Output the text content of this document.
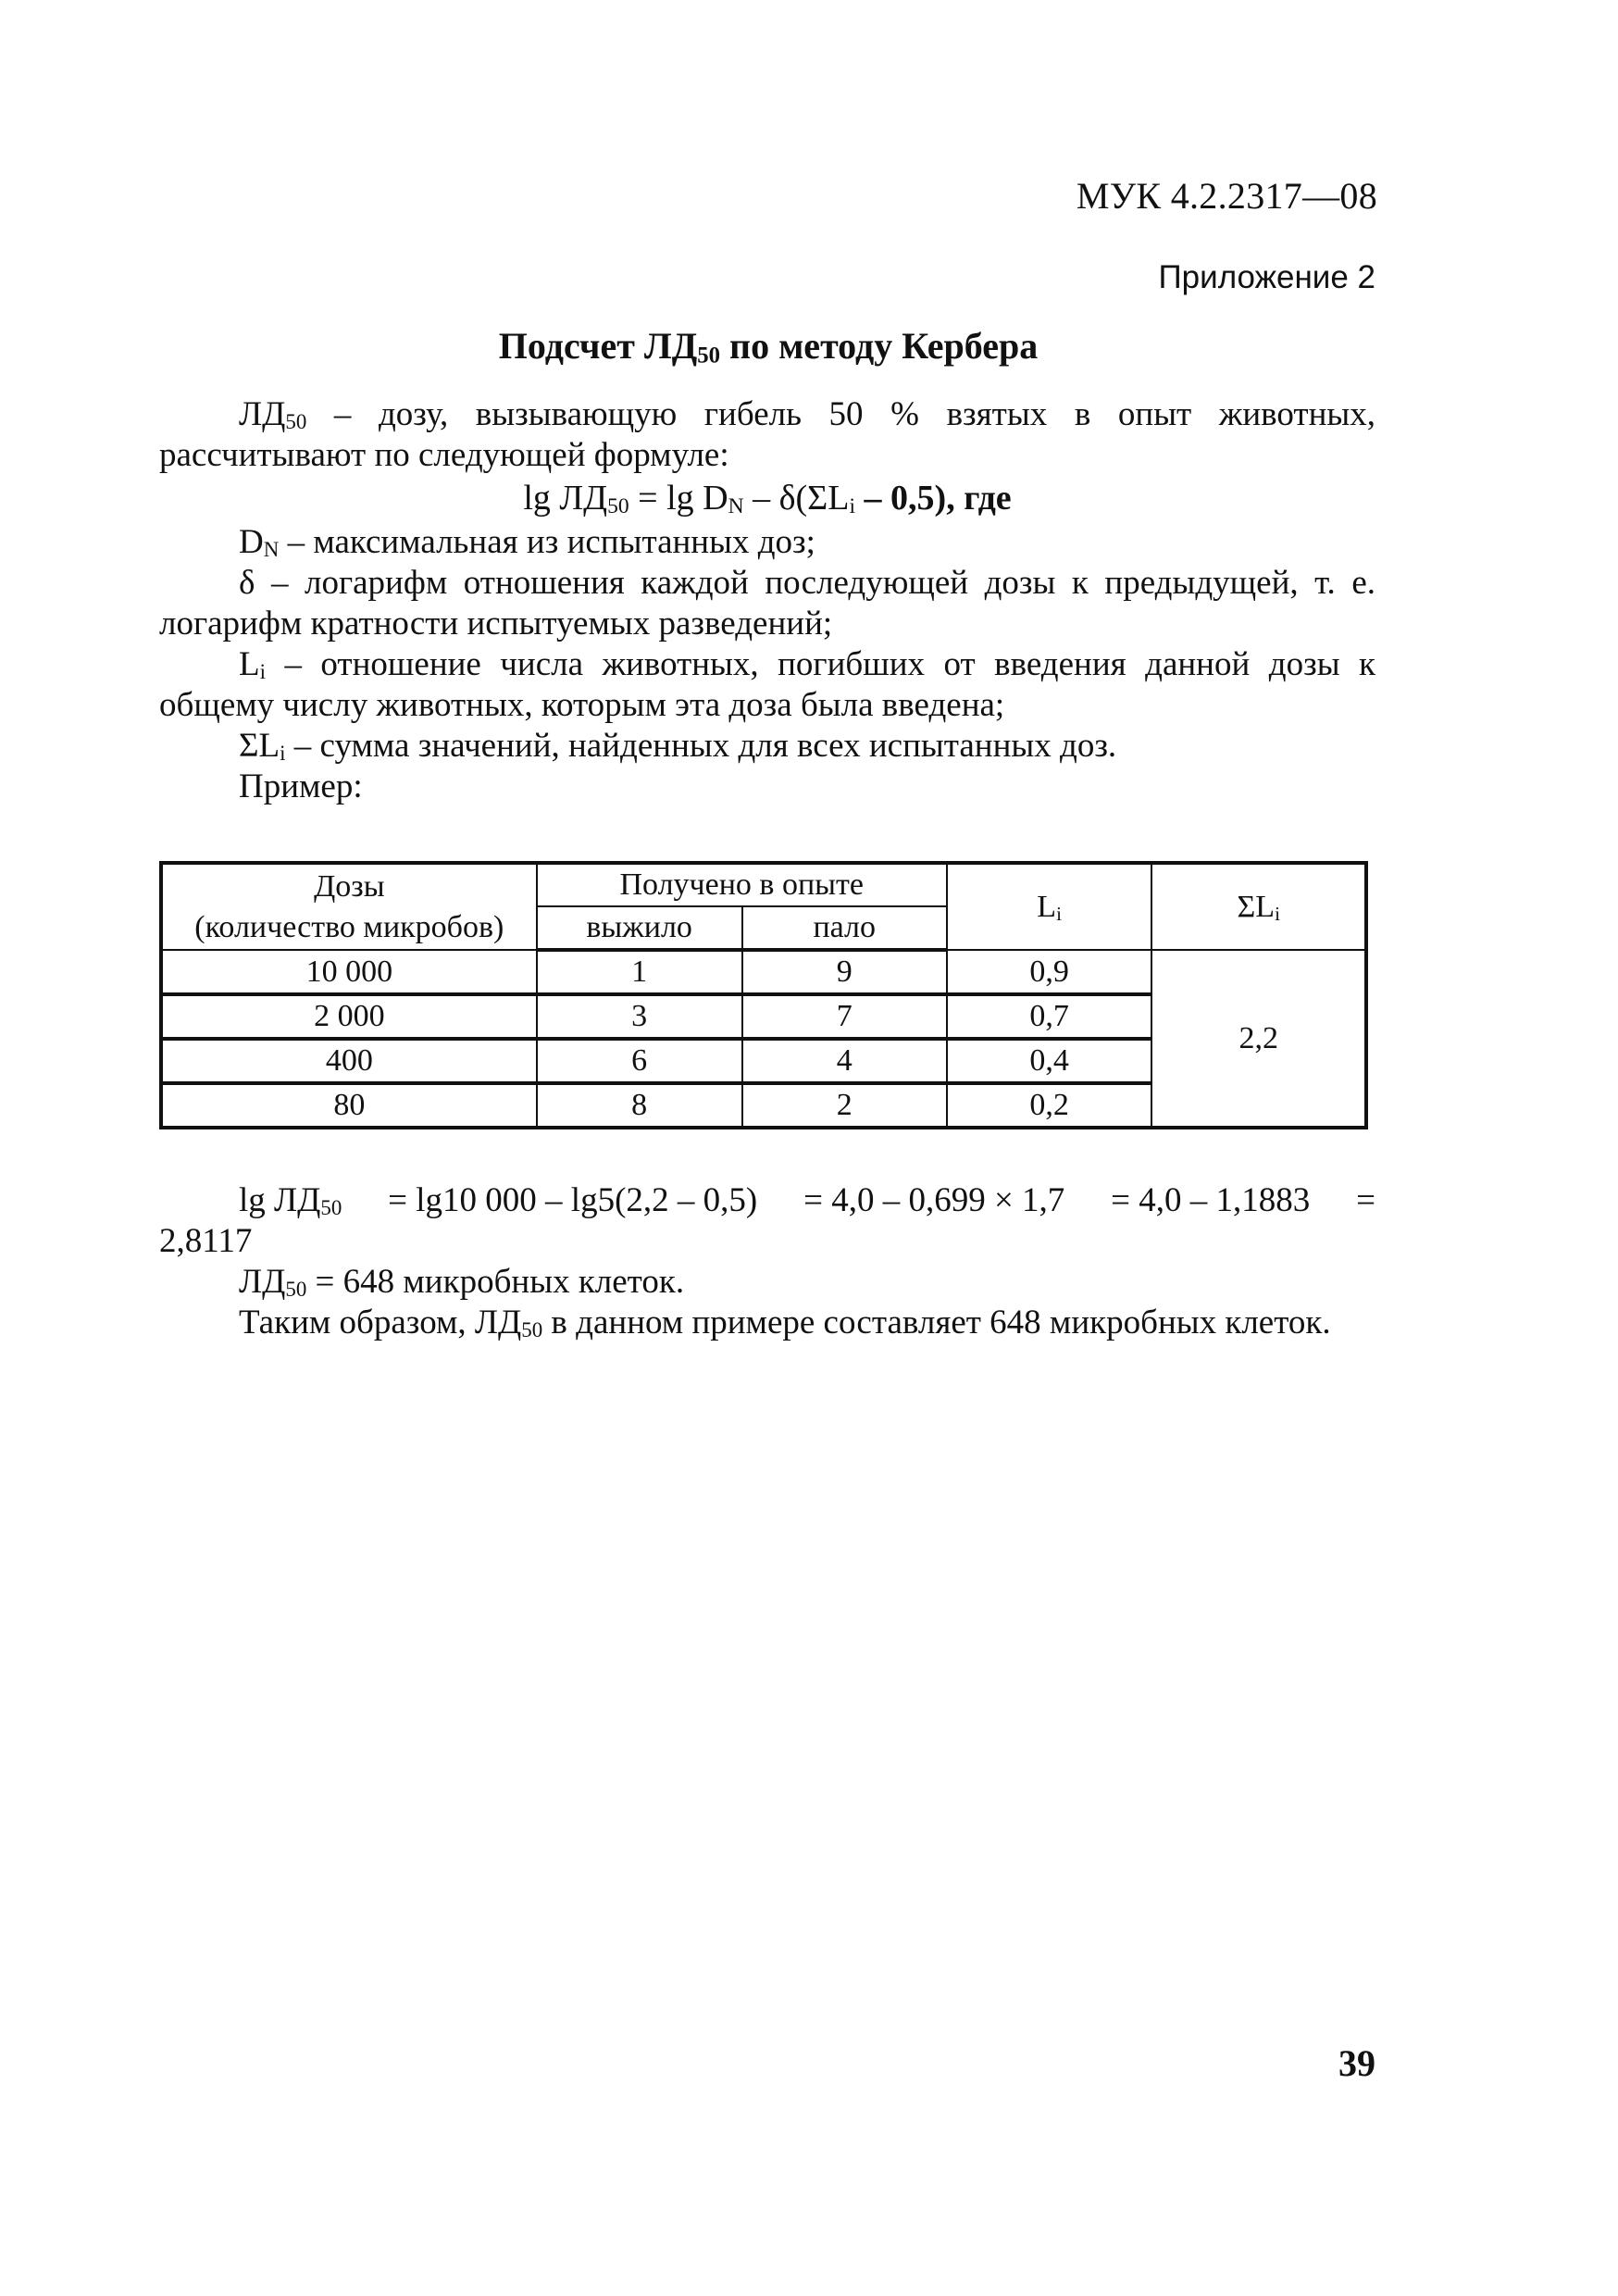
МУК 4.2.2317—08
Приложение 2
Подсчет $ЛД_{50}$ по методу Кербера

$ЛД_{50}$ – дозу, вызывающую гибель 50 % взятых в опыт животных, рассчитывают по следующей формуле:

$\lg ЛД_{50} = \lg D_N - \delta(\Sigma L_i - 0,5)$, где

$D_N$ – максимальная из испытанных доз;

δ – логарифм отношения каждой последующей дозы к предыдущей, т. е. логарифм кратности испытуемых разведений;

$L_i$ – отношение числа животных, погибших от введения данной дозы к общему числу животных, которым эта доза была введена;

$\Sigma L_i$ – сумма значений, найденных для всех испытанных доз.

Пример:

Дозы
(количество микробов)	Получено в опыте		$L_i$	$\Sigma L_i$
	выжило	пало		
10 000	1	9	0,9	2,2
2 000	3	7	0,7	
400	6	4	0,4	
80	8	2	0,2	
$\lg ЛД_{50} = \lg 10$ 000 – lg5(2,2 – 0,5) = 4,0 – 0,699 × 1,7 = 4,0 – 1,1883 =
2,8117

$ЛД_{50} = 648$ микробных клеток.

Таким образом, $ЛД_{50}$ в данном примере составляет 648 микробных клеток.

39
